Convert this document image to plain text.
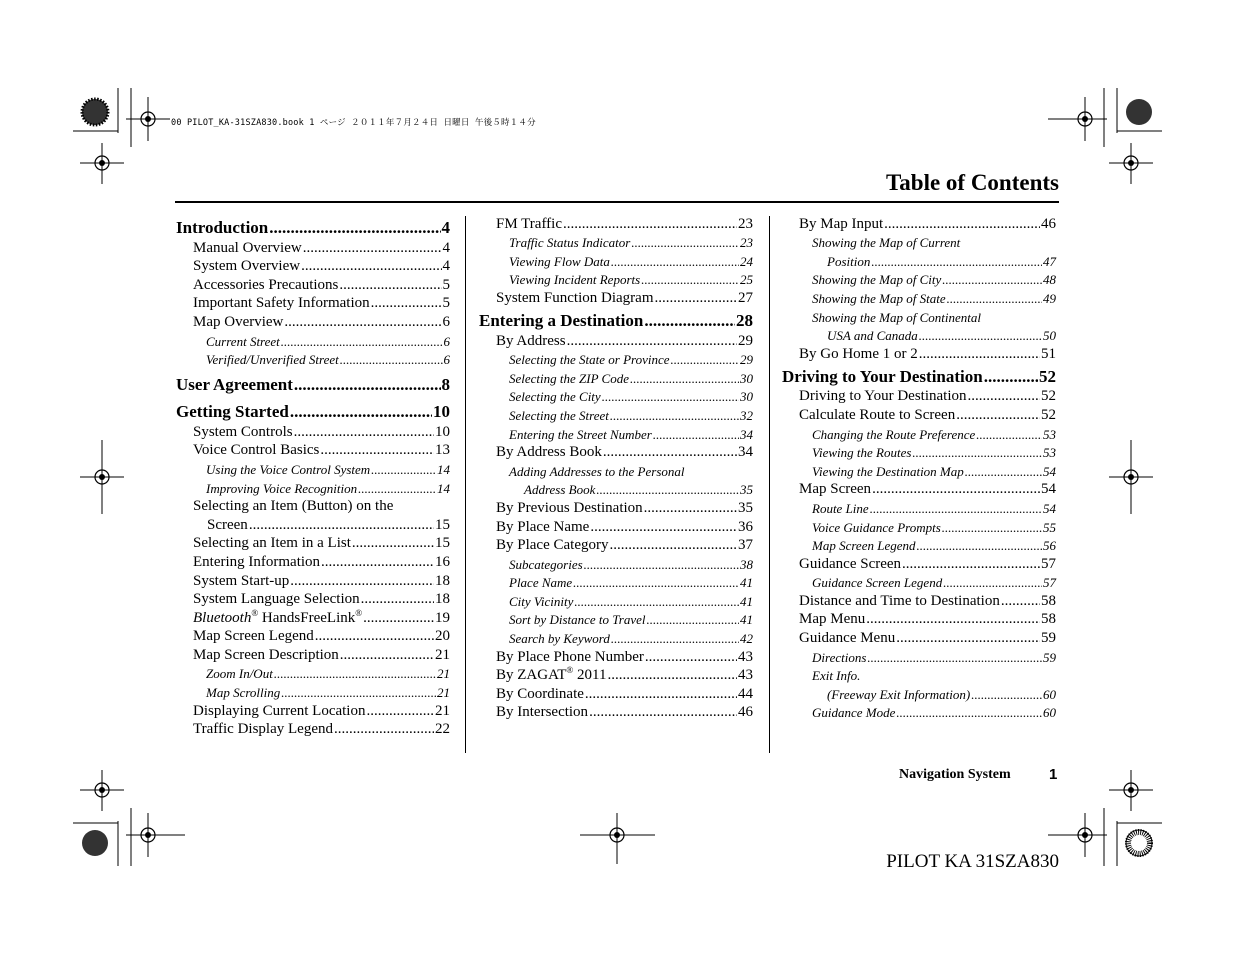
00 PILOT_KA-31SZA830.book 1 ページ ２０１１年７月２４日 日曜日 午後５時１４分
Table of Contents
Introduction .....	4
Manual Overview .....	4
System Overview .....	4
Accessories Precautions .....	5
Important Safety Information .....	5
Map Overview .....	6
Current Street .....	6
Verified/Unverified Street .....	6
User Agreement .....	8
Getting Started .....	10
System Controls .....	10
Voice Control Basics .....	13
Using the Voice Control System .....	14
Improving Voice Recognition .....	14
Selecting an Item (Button) on the
Screen .....	15
Selecting an Item in a List .....	15
Entering Information .....	16
System Start-up .....	18
System Language Selection .....	18
Bluetooth® HandsFreeLink® .....	19
Map Screen Legend .....	20
Map Screen Description .....	21
Zoom In/Out .....	21
Map Scrolling .....	21
Displaying Current Location .....	21
Traffic Display Legend .....	22
FM Traffic .....	23
Traffic Status Indicator .....	23
Viewing Flow Data .....	24
Viewing Incident Reports .....	25
System Function Diagram .....	27
Entering a Destination .....	28
By Address .....	29
Selecting the State or Province .....	29
Selecting the ZIP Code .....	30
Selecting the City .....	30
Selecting the Street .....	32
Entering the Street Number .....	34
By Address Book .....	34
Adding Addresses to the Personal
Address Book .....	35
By Previous Destination .....	35
By Place Name .....	36
By Place Category .....	37
Subcategories .....	38
Place Name .....	41
City Vicinity .....	41
Sort by Distance to Travel .....	41
Search by Keyword .....	42
By Place Phone Number .....	43
By ZAGAT® 2011 .....	43
By Coordinate .....	44
By Intersection .....	46
By Map Input .....	46
Showing the Map of Current
Position .....	47
Showing the Map of City .....	48
Showing the Map of State .....	49
Showing the Map of Continental
USA and Canada .....	50
By Go Home 1 or 2 .....	51
Driving to Your Destination .....	52
Driving to Your Destination .....	52
Calculate Route to Screen .....	52
Changing the Route Preference .....	53
Viewing the Routes .....	53
Viewing the Destination Map .....	54
Map Screen .....	54
Route Line .....	54
Voice Guidance Prompts .....	55
Map Screen Legend .....	56
Guidance Screen .....	57
Guidance Screen Legend .....	57
Distance and Time to Destination .....	58
Map Menu .....	58
Guidance Menu .....	59
Directions .....	59
Exit Info.
(Freeway Exit Information) .....	60
Guidance Mode .....	60
Navigation System	1
PILOT KA 31SZA830
